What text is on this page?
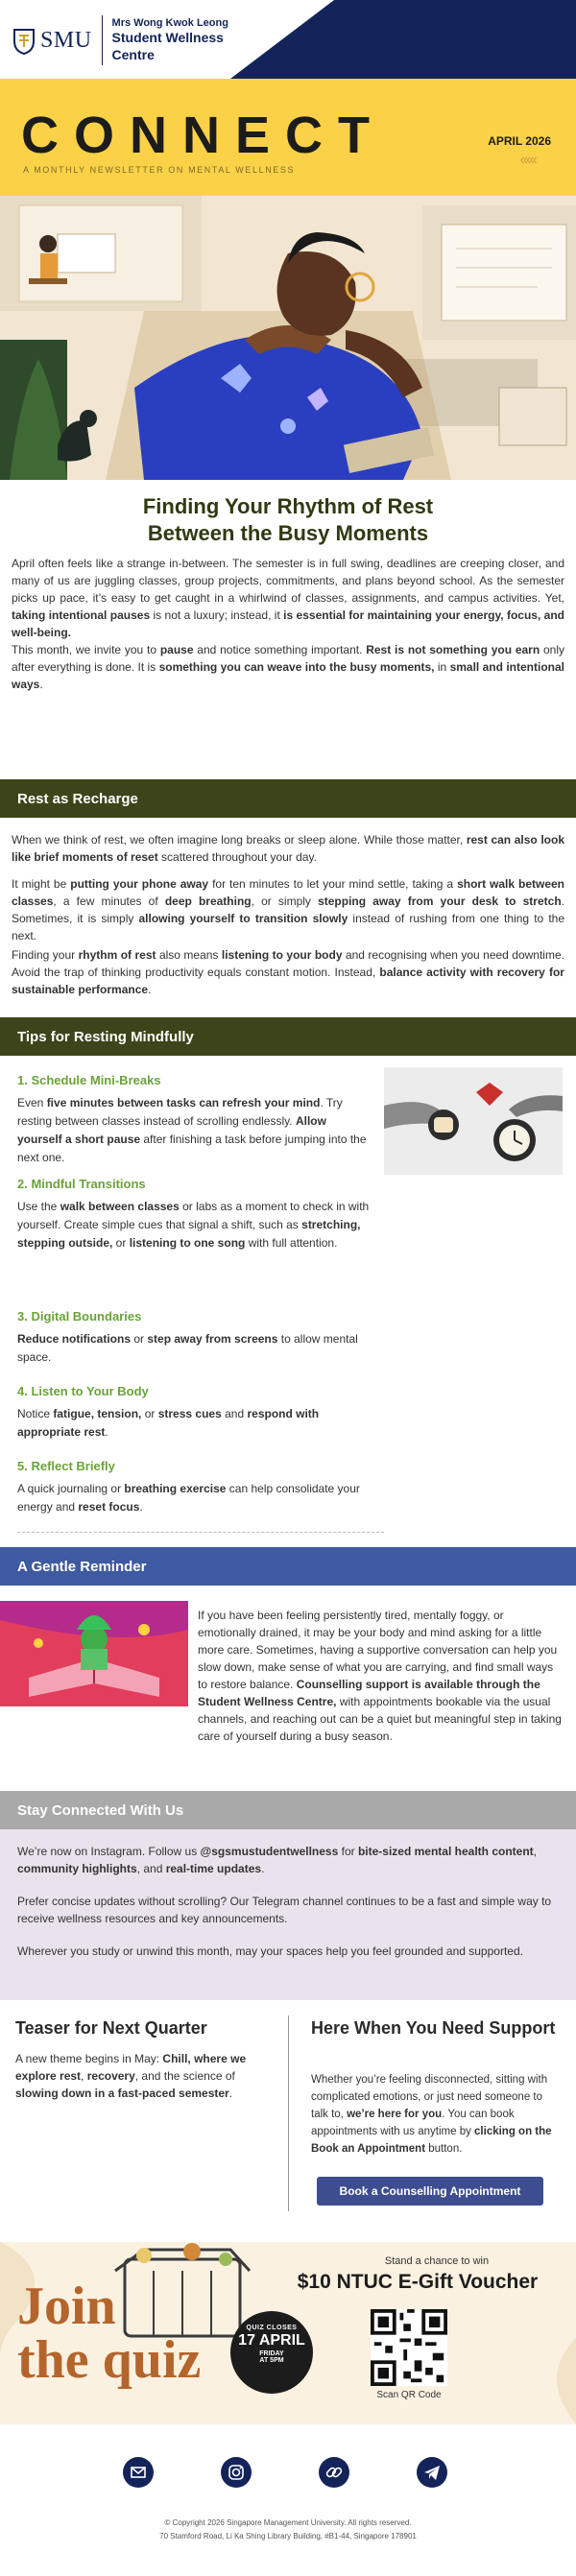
SMU
Mrs Wong Kwok Leong
Student Wellness
Centre
CONNECT
A MONTHLY NEWSLETTER ON MENTAL WELLNESS
APRIL 2026
‹‹‹‹‹
Finding Your Rhythm of Rest
Between the Busy Moments

April often feels like a strange in-between. The semester is in full swing, deadlines are creeping closer, and many of us are juggling classes, group projects, commitments, and plans beyond school. As the semester picks up pace, it’s easy to get caught in a whirlwind of classes, assignments, and campus activities. Yet, taking intentional pauses is not a luxury; instead, it is essential for maintaining your energy, focus, and well-being.

This month, we invite you to pause and notice something important. Rest is not something you earn only after everything is done. It is something you can weave into the busy moments, in small and intentional ways.

Rest as Recharge

When we think of rest, we often imagine long breaks or sleep alone. While those matter, rest can also look like brief moments of reset scattered throughout your day.

It might be putting your phone away for ten minutes to let your mind settle, taking a short walk between classes, a few minutes of deep breathing, or simply stepping away from your desk to stretch. Sometimes, it is simply allowing yourself to transition slowly instead of rushing from one thing to the next.

Finding your rhythm of rest also means listening to your body and recognising when you need downtime. Avoid the trap of thinking productivity equals constant motion. Instead, balance activity with recovery for sustainable performance.

Tips for Resting Mindfully
1. Schedule Mini-Breaks

Even five minutes between tasks can refresh your mind. Try resting between classes instead of scrolling endlessly. Allow yourself a short pause after finishing a task before jumping into the next one.

2. Mindful Transitions

Use the walk between classes or labs as a moment to check in with yourself. Create simple cues that signal a shift, such as stretching, stepping outside, or listening to one song with full attention.

3. Digital Boundaries

Reduce notifications or step away from screens to allow mental space.

4. Listen to Your Body

Notice fatigue, tension, or stress cues and respond with appropriate rest.

5. Reflect Briefly

A quick journaling or breathing exercise can help consolidate your energy and reset focus.

A Gentle Reminder

If you have been feeling persistently tired, mentally foggy, or emotionally drained, it may be your body and mind asking for a little more care. Sometimes, having a supportive conversation can help you slow down, make sense of what you are carrying, and find small ways to restore balance. Counselling support is available through the Student Wellness Centre, with appointments bookable via the usual channels, and reaching out can be a quiet but meaningful step in taking care of yourself during a busy season.

Stay Connected With Us

We’re now on Instagram. Follow us @sgsmustudentwellness for bite-sized mental health content, community highlights, and real-time updates.

Prefer concise updates without scrolling? Our Telegram channel continues to be a fast and simple way to receive wellness resources and key announcements.

Wherever you study or unwind this month, may your spaces help you feel grounded and supported.

Teaser for Next Quarter

A new theme begins in May: Chill, where we explore rest, recovery, and the science of slowing down in a fast-paced semester.

Here When You Need Support

Whether you’re feeling disconnected, sitting with complicated emotions, or just need someone to talk to, we’re here for you. You can book appointments with us anytime by clicking on the Book an Appointment button.

Book a Counselling Appointment
Join
the quiz
QUIZ CLOSES
17 APRIL
FRIDAY
AT 5PM
Stand a chance to win
$10 NTUC E-Gift Voucher
Scan QR Code
© Copyright 2026 Singapore Management University. All rights reserved.
70 Stamford Road, Li Ka Shing Library Building, #B1-44, Singapore 178901
